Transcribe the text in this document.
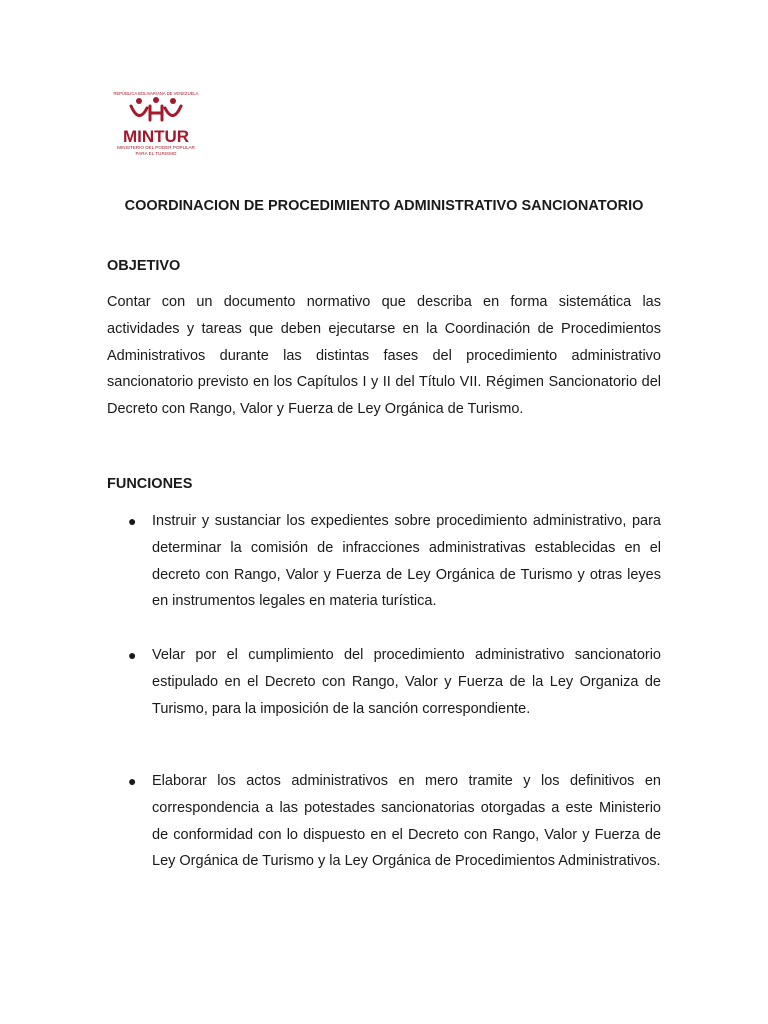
REPÚBLICA BOLIVARIANA DE VENEZUELA
MINTUR
MINISTERIO DEL PODER POPULAR
PARA EL TURISMO
COORDINACION DE PROCEDIMIENTO ADMINISTRATIVO SANCIONATORIO
OBJETIVO

Contar con un documento normativo que describa en forma sistemática las actividades y tareas que deben ejecutarse en la Coordinación de Procedimientos Administrativos durante las distintas fases del procedimiento administrativo sancionatorio previsto en los Capítulos I y II del Título VII. Régimen Sancionatorio del Decreto con Rango, Valor y Fuerza de Ley Orgánica de Turismo.

FUNCIONES
● Instruir y sustanciar los expedientes sobre procedimiento administrativo, para determinar la comisión de infracciones administrativas establecidas en el decreto con Rango, Valor y Fuerza de Ley Orgánica de Turismo y otras leyes en instrumentos legales en materia turística.
● Velar por el cumplimiento del procedimiento administrativo sancionatorio estipulado en el Decreto con Rango, Valor y Fuerza de la Ley Organiza de Turismo, para la imposición de la sanción correspondiente.
● Elaborar los actos administrativos en mero tramite y los definitivos en correspondencia a las potestades sancionatorias otorgadas a este Ministerio de conformidad con lo dispuesto en el Decreto con Rango, Valor y Fuerza de Ley Orgánica de Turismo y la Ley Orgánica de Procedimientos Administrativos.
